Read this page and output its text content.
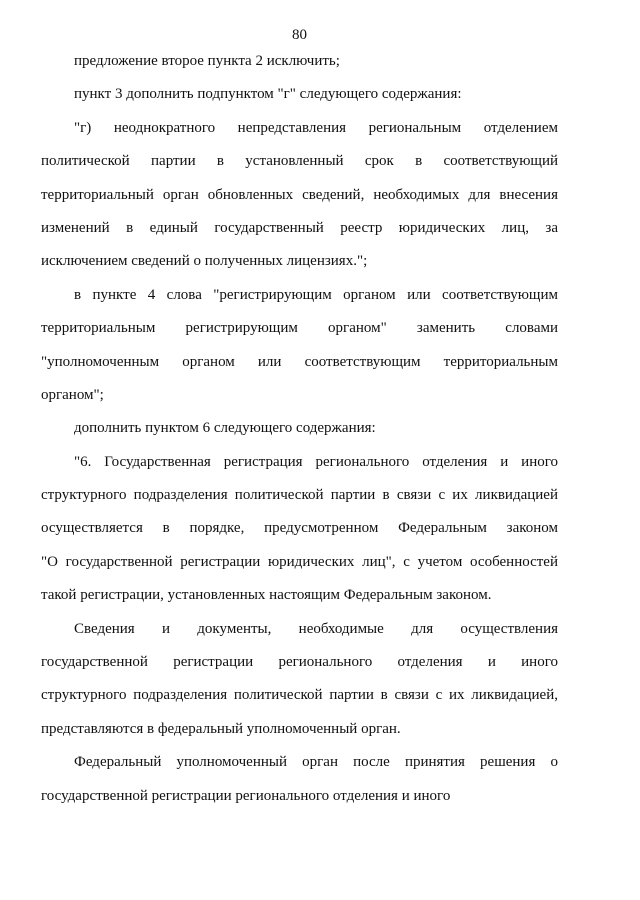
80
предложение второе пункта 2 исключить;
пункт 3 дополнить подпунктом "г" следующего содержания:
"г) неоднократного непредставления региональным отделением
политической партии в установленный срок в соответствующий
территориальный орган обновленных сведений, необходимых для внесения
изменений в единый государственный реестр юридических лиц, за
исключением сведений о полученных лицензиях.";
в пункте 4 слова "регистрирующим органом или соответствующим
территориальным регистрирующим органом" заменить словами
"уполномоченным органом или соответствующим территориальным
органом";
дополнить пунктом 6 следующего содержания:
"6. Государственная регистрация регионального отделения и иного
структурного подразделения политической партии в связи с их ликвидацией
осуществляется в порядке, предусмотренном Федеральным законом
"О государственной регистрации юридических лиц", с учетом особенностей
такой регистрации, установленных настоящим Федеральным законом.
Сведения и документы, необходимые для осуществления
государственной регистрации регионального отделения и иного
структурного подразделения политической партии в связи с их ликвидацией,
представляются в федеральный уполномоченный орган.
Федеральный уполномоченный орган после принятия решения о
государственной регистрации регионального отделения и иного
